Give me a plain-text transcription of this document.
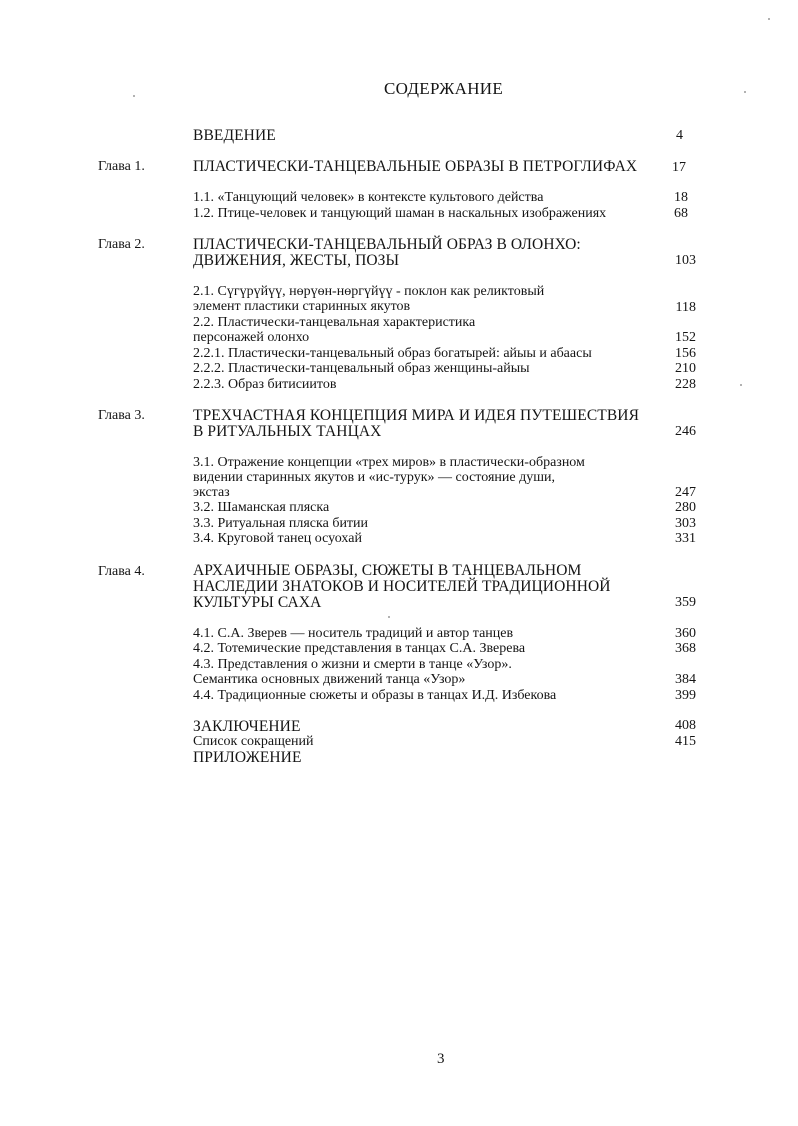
СОДЕРЖАНИЕ
ВВЕДЕНИЕ	4
Глава 1.	ПЛАСТИЧЕСКИ-ТАНЦЕВАЛЬНЫЕ ОБРАЗЫ В ПЕТРОГЛИФАХ	17
1.1. «Танцующий человек» в контексте культового действа	18
1.2. Птице-человек и танцующий шаман в наскальных изображениях	68
Глава 2.	ПЛАСТИЧЕСКИ-ТАНЦЕВАЛЬНЫЙ ОБРАЗ В ОЛОНХО:
ДВИЖЕНИЯ, ЖЕСТЫ, ПОЗЫ	103
2.1. Сүгүрүйүү, нөрүөн-нөргүйүү - поклон как реликтовый
элемент пластики старинных якутов	118
2.2. Пластически-танцевальная характеристика
персонажей олонхо	152
2.2.1. Пластически-танцевальный образ богатырей: айыы и абаасы	156
2.2.2. Пластически-танцевальный образ женщины-айыы	210
2.2.3. Образ битисиитов	228
Глава 3.	ТРЕХЧАСТНАЯ КОНЦЕПЦИЯ МИРА И ИДЕЯ ПУТЕШЕСТВИЯ
В РИТУАЛЬНЫХ ТАНЦАХ	246
3.1. Отражение концепции «трех миров» в пластически-образном
видении старинных якутов и «ис-турук» — состояние души,
экстаз	247
3.2. Шаманская пляска	280
3.3. Ритуальная пляска битии	303
3.4. Круговой танец осуохай	331
Глава 4.	АРХАИЧНЫЕ ОБРАЗЫ, СЮЖЕТЫ В ТАНЦЕВАЛЬНОМ
НАСЛЕДИИ ЗНАТОКОВ И НОСИТЕЛЕЙ ТРАДИЦИОННОЙ
КУЛЬТУРЫ САХА	359
4.1. С.А. Зверев — носитель традиций и автор танцев	360
4.2. Тотемические представления в танцах С.А. Зверева	368
4.3. Представления о жизни и смерти в танце «Узор».
Семантика основных движений танца «Узор»	384
4.4. Традиционные сюжеты и образы в танцах И.Д. Избекова	399
ЗАКЛЮЧЕНИЕ	408
Список сокращений	415
ПРИЛОЖЕНИЕ
3
